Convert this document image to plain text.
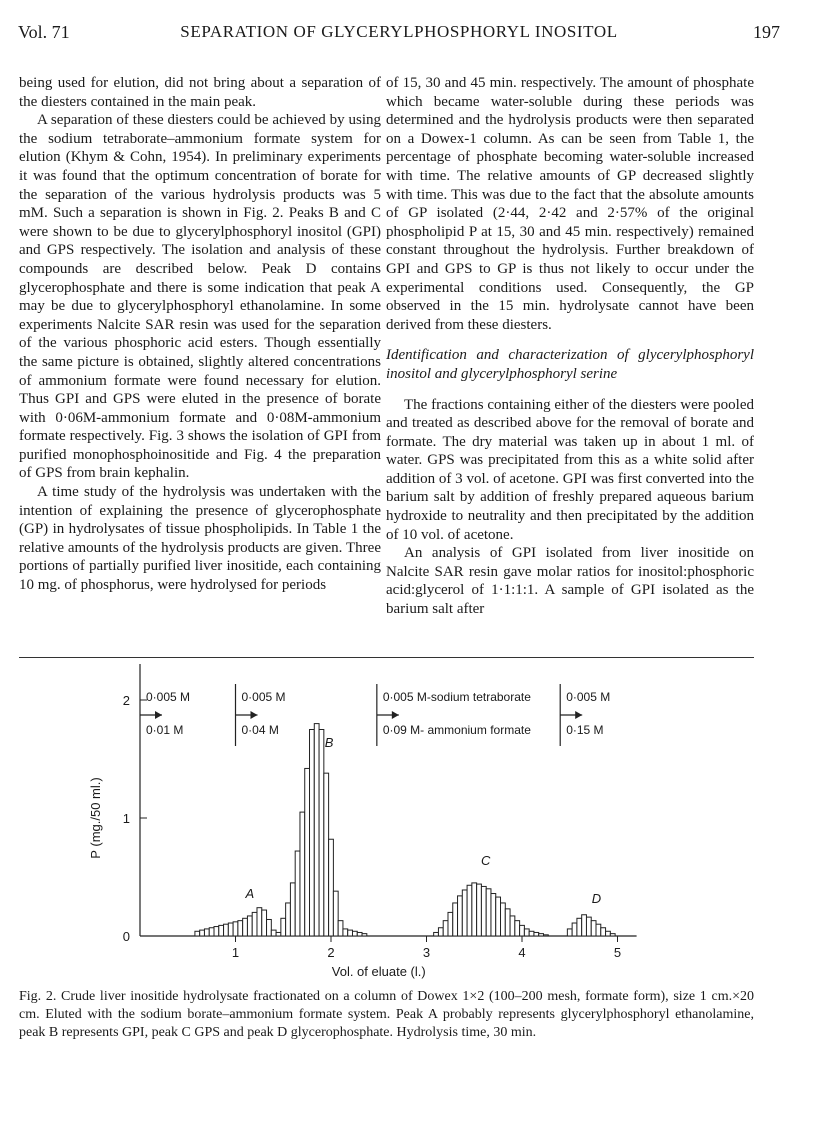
Vol. 71	SEPARATION OF GLYCERYLPHOSPHORYL INOSITOL	197

being used for elution, did not bring about a separation of the diesters contained in the main peak.

A separation of these diesters could be achieved by using the sodium tetraborate–ammonium formate system for elution (Khym & Cohn, 1954). In preliminary experiments it was found that the optimum concentration of borate for the separation of the various hydrolysis products was 5 mM. Such a separation is shown in Fig. 2. Peaks B and C were shown to be due to glycerylphosphoryl inositol (GPI) and GPS respectively. The isolation and analysis of these compounds are described below. Peak D contains glycerophosphate and there is some indication that peak A may be due to glycerylphosphoryl ethanolamine. In some experiments Nalcite SAR resin was used for the separation of the various phosphoric acid esters. Though essentially the same picture is obtained, slightly altered concentrations of ammonium formate were found necessary for elution. Thus GPI and GPS were eluted in the presence of borate with 0·06M-ammonium formate and 0·08M-ammonium formate respectively. Fig. 3 shows the isolation of GPI from purified monophosphoinositide and Fig. 4 the preparation of GPS from brain kephalin.

A time study of the hydrolysis was undertaken with the intention of explaining the presence of glycerophosphate (GP) in hydrolysates of tissue phospholipids. In Table 1 the relative amounts of the hydrolysis products are given. Three portions of partially purified liver inositide, each containing 10 mg. of phosphorus, were hydrolysed for periods

of 15, 30 and 45 min. respectively. The amount of phosphate which became water-soluble during these periods was determined and the hydrolysis products were then separated on a Dowex-1 column. As can be seen from Table 1, the percentage of phosphate becoming water-soluble increased with time. The relative amounts of GP decreased slightly with time. This was due to the fact that the absolute amounts of GP isolated (2·44, 2·42 and 2·57% of the original phospholipid P at 15, 30 and 45 min. respectively) remained constant throughout the hydrolysis. Further breakdown of GPI and GPS to GP is thus not likely to occur under the experimental conditions used. Consequently, the GP observed in the 15 min. hydrolysate cannot have been derived from these diesters.

Identification and characterization of glycerylphosphoryl inositol and glycerylphosphoryl serine

The fractions containing either of the diesters were pooled and treated as described above for the removal of borate and formate. The dry material was taken up in about 1 ml. of water. GPS was precipitated from this as a white solid after addition of 3 vol. of acetone. GPI was first converted into the barium salt by addition of freshly prepared aqueous barium hydroxide to neutrality and then precipitated by the addition of 10 vol. of acetone.

An analysis of GPI isolated from liver inositide on Nalcite SAR resin gave molar ratios for inositol:phosphoric acid:glycerol of 1·1:1:1. A sample of GPI isolated as the barium salt after

0
1
2
1	2	3	4	5
Vol. of eluate (l.)
P (mg./50 ml.)
0·005 M
0·01 M
0·005 M
0·04 M
0·005 M-sodium tetraborate
0·09 M- ammonium formate
0·005 M
0·15 M
A
B
C
D
Fig. 2. Crude liver inositide hydrolysate fractionated on a column of Dowex 1×2 (100–200 mesh, formate form), size 1 cm.×20 cm. Eluted with the sodium borate–ammonium formate system. Peak A probably represents glycerylphosphoryl ethanolamine, peak B represents GPI, peak C GPS and peak D glycerophosphate. Hydrolysis time, 30 min.
